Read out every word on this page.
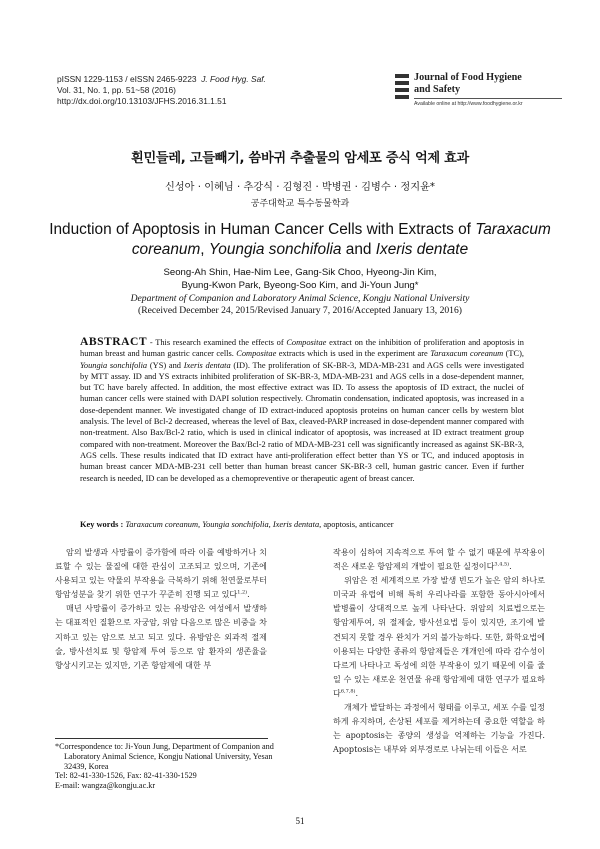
pISSN 1229-1153 / eISSN 2465-9223 J. Food Hyg. Saf.
Vol. 31, No. 1, pp. 51~58 (2016)
http://dx.doi.org/10.13103/JFHS.2016.31.1.51
Journal of Food Hygiene
and Safety
Available online at http://www.foodhygiene.or.kr
흰민들레, 고들빼기, 씀바귀 추출물의 암세포 증식 억제 효과
신성아 · 이혜님 · 추강식 · 김형진 · 박병권 · 김병수 · 정지윤*
공주대학교 특수동물학과
Induction of Apoptosis in Human Cancer Cells with Extracts of Taraxacum coreanum, Youngia sonchifolia and Ixeris dentate
Seong-Ah Shin, Hae-Nim Lee, Gang-Sik Choo, Hyeong-Jin Kim,
Byung-Kwon Park, Byeong-Soo Kim, and Ji-Youn Jung*
Department of Companion and Laboratory Animal Science, Kongju National University
(Received December 24, 2015/Revised January 7, 2016/Accepted January 13, 2016)
ABSTRACT - This research examined the effects of Compositae extract on the inhibition of proliferation and apoptosis in human breast and human gastric cancer cells. Compositae extracts which is used in the experiment are Taraxacum coreanum (TC), Youngia sonchifolia (YS) and Ixeris dentata (ID). The proliferation of SK-BR-3, MDA-MB-231 and AGS cells were investigated by MTT assay. ID and YS extracts inhibited proliferation of SK-BR-3, MDA-MB-231 and AGS cells in a dose-dependent manner, but TC have barely affected. In addition, the most effective extract was ID. To assess the apoptosis of ID extract, the nuclei of human cancer cells were stained with DAPI solution respectively. Chromatin condensation, indicated apoptosis, was increased in a dose-dependent manner. We investigated change of ID extract-induced apoptosis proteins on human cancer cells by western blot analysis. The level of Bcl-2 decreased, whereas the level of Bax, cleaved-PARP increased in dose-dependent manner compared with non-treatment. Also Bax/Bcl-2 ratio, which is used in clinical indicator of apoptosis, was increased at ID extract treatment group compared with non-treatment. Moreover the Bax/Bcl-2 ratio of MDA-MB-231 cell was significantly increased as against SK-BR-3, AGS cells. These results indicated that ID extract have anti-proliferation effect better than YS or TC, and induced apoptosis in human breast cancer MDA-MB-231 cell better than human breast cancer SK-BR-3 cell, human gastric cancer. Even if further research is needed, ID can be developed as a chemopreventive or therapeutic agent of breast cancer.
Key words : Taraxacum coreanum, Youngia sonchifolia, Ixeris dentata, apoptosis, anticancer

암의 발생과 사망률이 증가함에 따라 이를 예방하거나 치료할 수 있는 물질에 대한 관심이 고조되고 있으며, 기존에 사용되고 있는 약물의 부작용을 극복하기 위해 천연물로부터 항암성분을 찾기 위한 연구가 꾸준히 진행 되고 있다$^{1,2)}$.

매년 사망률이 증가하고 있는 유방암은 여성에서 발생하는 대표적인 질환으로 자궁암, 위암 다음으로 많은 비중을 차지하고 있는 암으로 보고 되고 있다. 유방암은 외과적 절제술, 방사선치료 및 항암제 투여 등으로 암 환자의 생존율을 향상시키고는 있지만, 기존 항암제에 대한 부

작용이 심하여 지속적으로 투여 할 수 없기 때문에 부작용이 적은 새로운 항암제의 개발이 필요한 실정이다$^{3,4,5)}$.

위암은 전 세계적으로 가장 발생 빈도가 높은 암의 하나로 미국과 유럽에 비해 특히 우리나라를 포함한 동아시아에서 발병률이 상대적으로 높게 나타난다. 위암의 치료법으로는 항암제투여, 위 절제술, 방사선요법 등이 있지만, 조기에 발견되지 못할 경우 완치가 거의 불가능하다. 또한, 화학요법에 이용되는 다양한 종류의 항암제들은 개개인에 따라 감수성이 다르게 나타나고 독성에 의한 부작용이 있기 때문에 이를 줄일 수 있는 새로운 천연물 유래 항암제에 대한 연구가 필요하다$^{6,7,8)}$.

개체가 발달하는 과정에서 형태를 이루고, 세포 수를 일정하게 유지하며, 손상된 세포를 제거하는데 중요한 역할을 하는 apoptosis는 종양의 생성을 억제하는 기능을 가진다. Apoptosis는 내부와 외부경로로 나뉘는데 이들은 서로

51

*Correspondence to: Ji-Youn Jung, Department of Companion and

Laboratory Animal Science, Kongju National University, Yesan

32439, Korea

Tel: 82-41-330-1526, Fax: 82-41-330-1529

E-mail: wangza@kongju.ac.kr
